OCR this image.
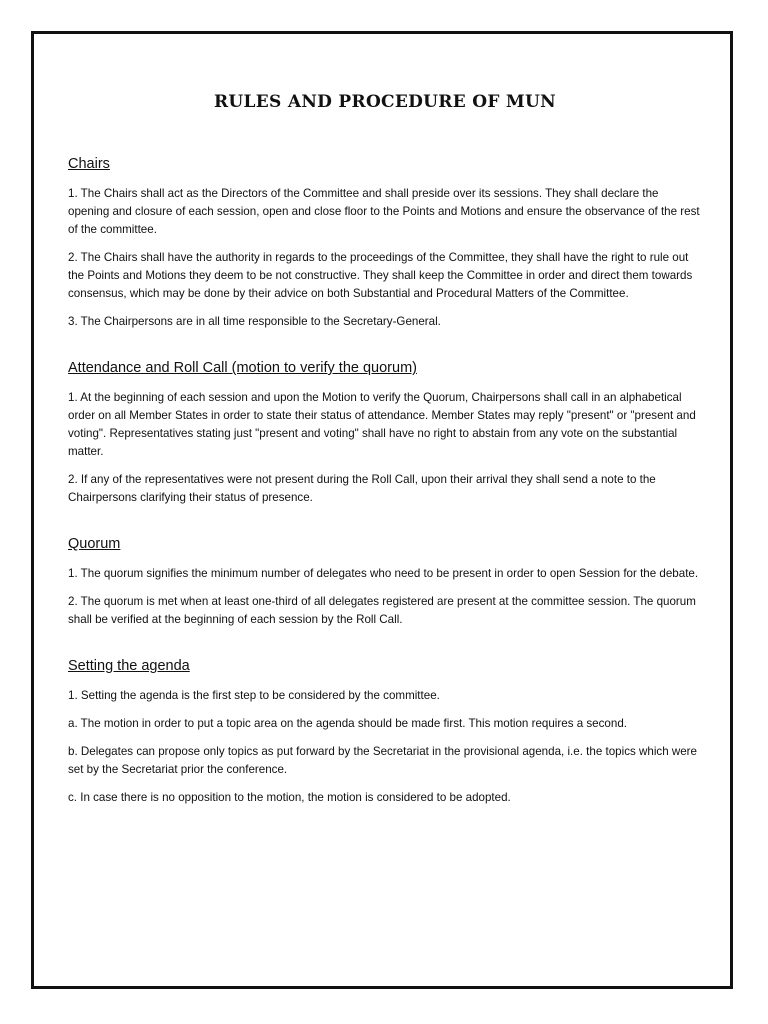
RULES AND PROCEDURE OF MUN
Chairs

1. The Chairs shall act as the Directors of the Committee and shall preside over its sessions. They shall declare the opening and closure of each session, open and close floor to the Points and Motions and ensure the observance of the rest of the committee.

2. The Chairs shall have the authority in regards to the proceedings of the Committee, they shall have the right to rule out the Points and Motions they deem to be not constructive. They shall keep the Committee in order and direct them towards consensus, which may be done by their advice on both Substantial and Procedural Matters of the Committee.

3. The Chairpersons are in all time responsible to the Secretary-General.

Attendance and Roll Call (motion to verify the quorum)

1. At the beginning of each session and upon the Motion to verify the Quorum, Chairpersons shall call in an alphabetical order on all Member States in order to state their status of attendance. Member States may reply "present" or "present and voting". Representatives stating just "present and voting" shall have no right to abstain from any vote on the substantial matter.

2. If any of the representatives were not present during the Roll Call, upon their arrival they shall send a note to the Chairpersons clarifying their status of presence.

Quorum

1. The quorum signifies the minimum number of delegates who need to be present in order to open Session for the debate.

2. The quorum is met when at least one-third of all delegates registered are present at the committee session. The quorum shall be verified at the beginning of each session by the Roll Call.

Setting the agenda

1. Setting the agenda is the first step to be considered by the committee.

a. The motion in order to put a topic area on the agenda should be made first. This motion requires a second.

b. Delegates can propose only topics as put forward by the Secretariat in the provisional agenda, i.e. the topics which were set by the Secretariat prior the conference.

c. In case there is no opposition to the motion, the motion is considered to be adopted.
